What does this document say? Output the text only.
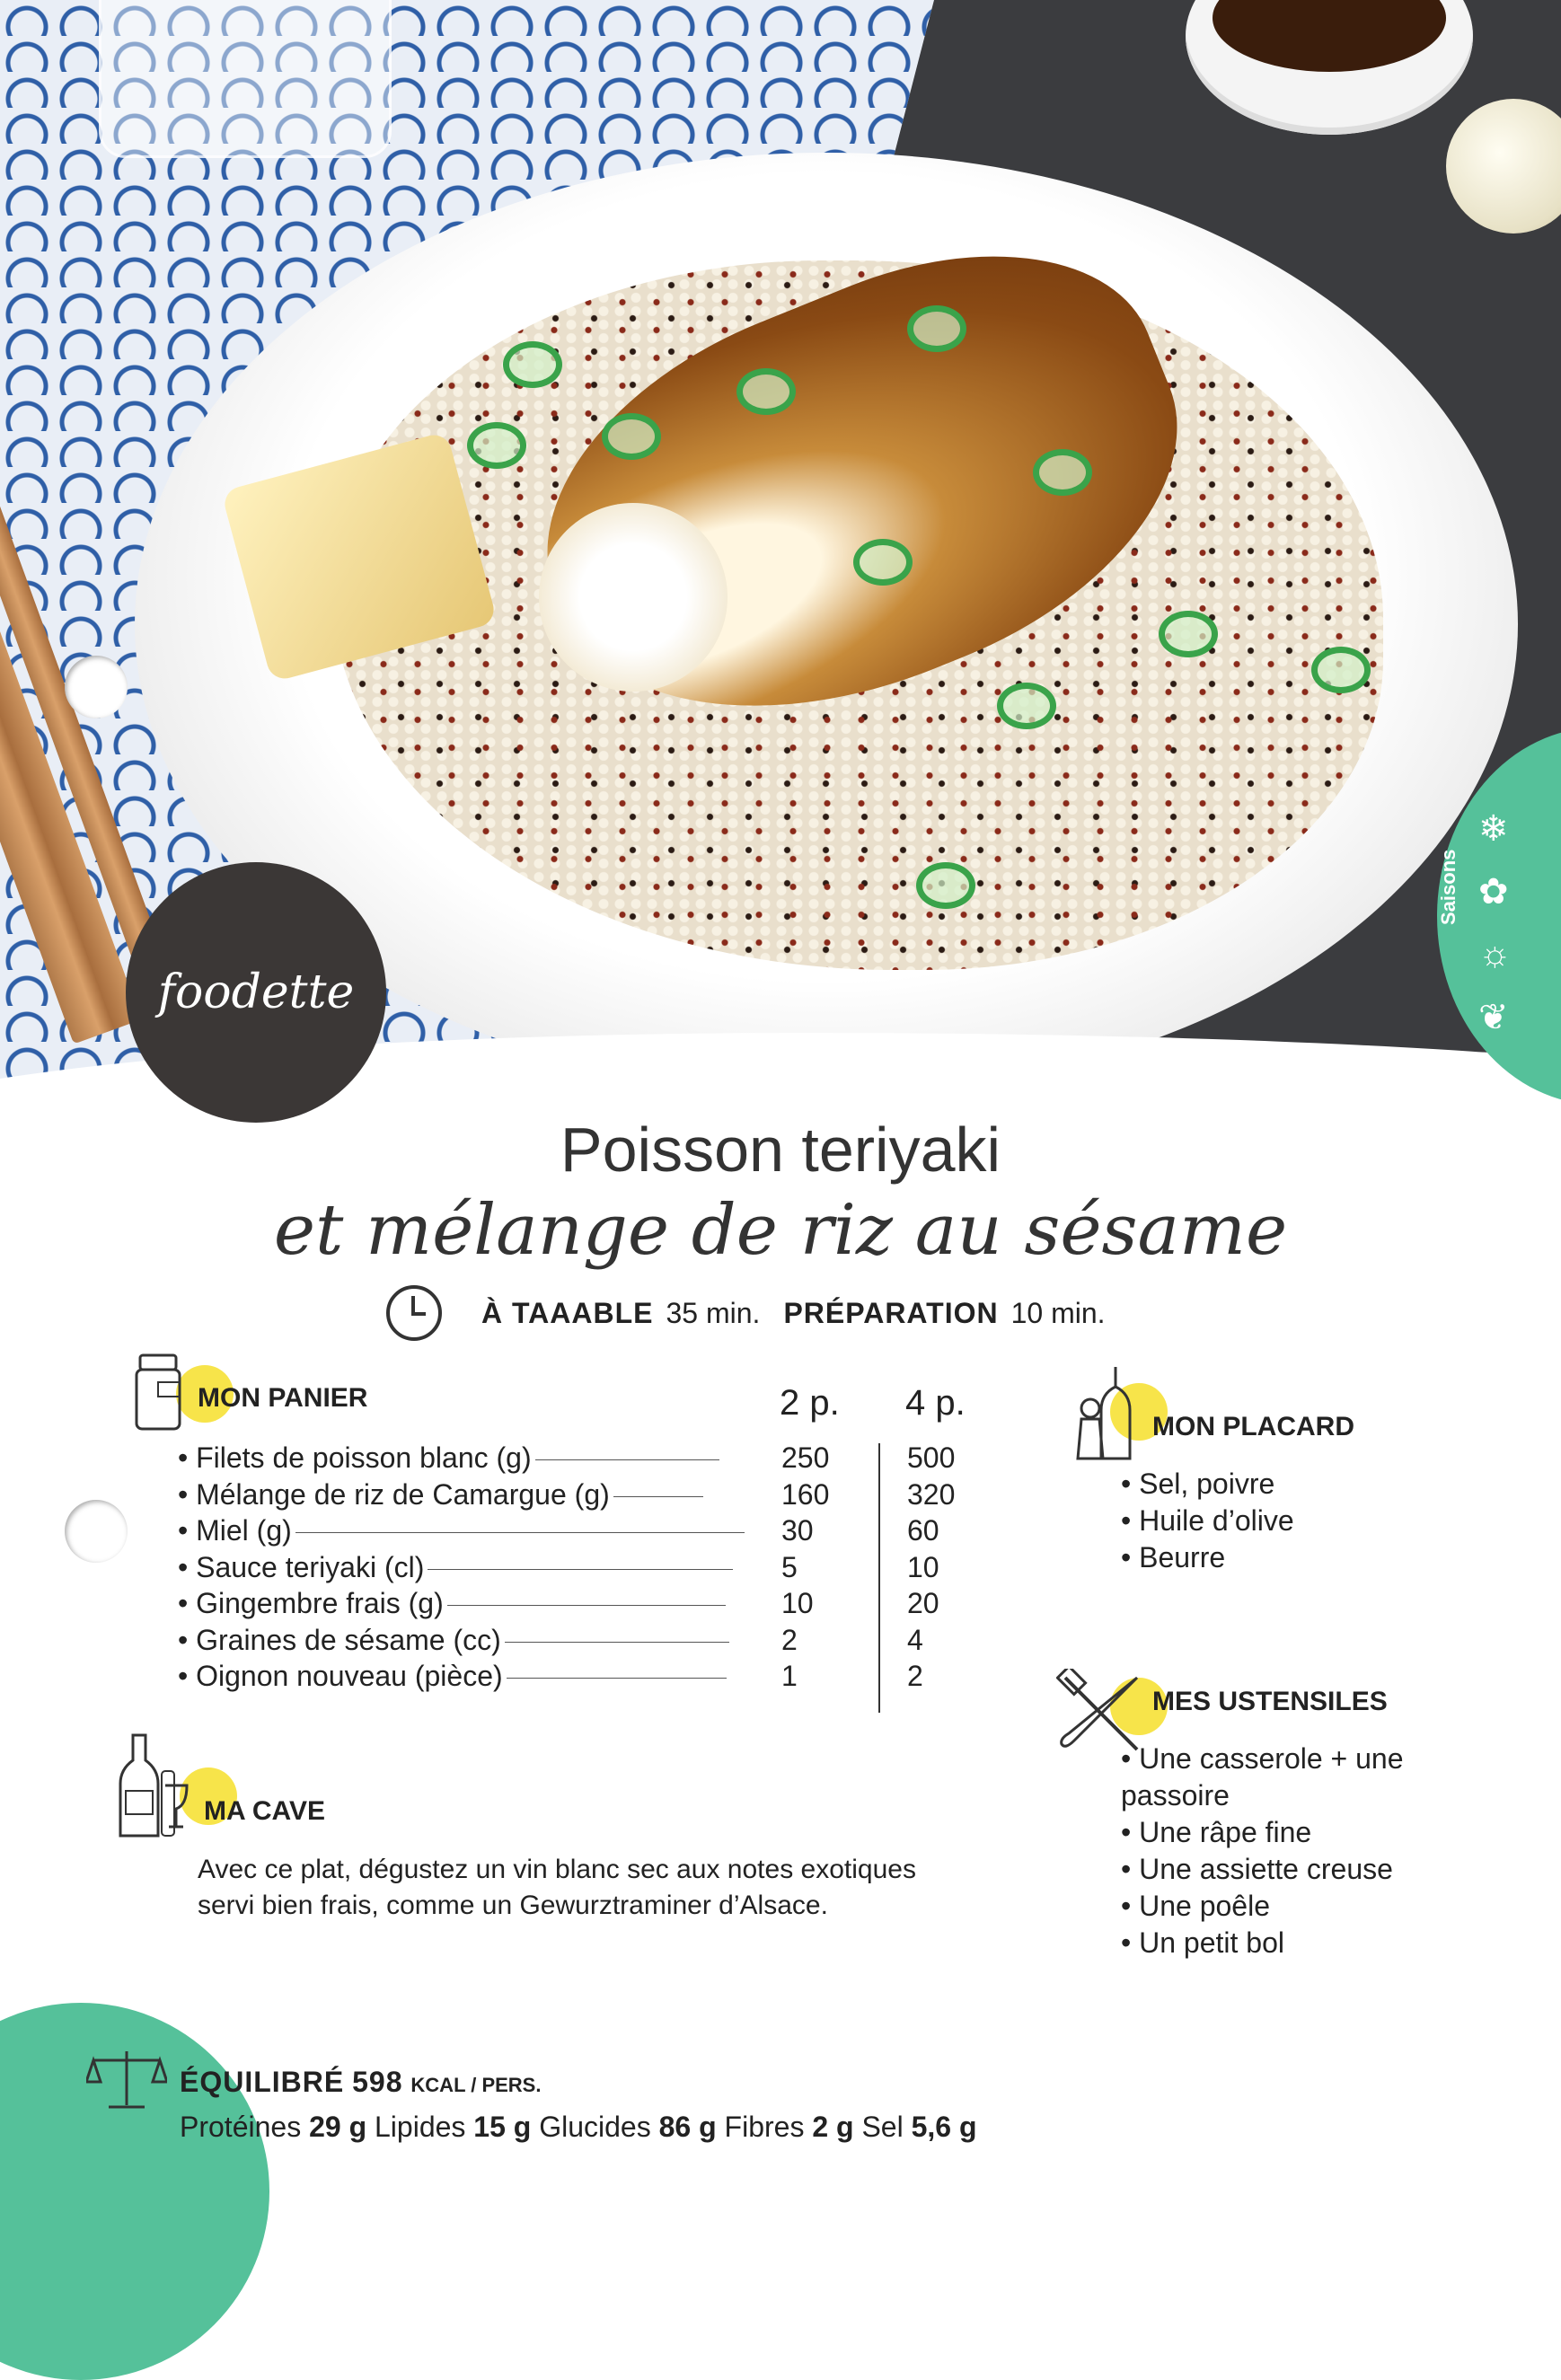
foodette
Saisons
❄
✿
☼
❦
Poisson teriyaki
et mélange de riz au sésame
À TAAABLE 35 min. PRÉPARATION 10 min.
MON PANIER	2 p. 4 p.
• Filets de poisson blanc (g)	250	500
• Mélange de riz de Camargue (g)	160	320
• Miel (g)	30	60
• Sauce teriyaki (cl)	5	10
• Gingembre frais (g)	10	20
• Graines de sésame (cc)	2	4
• Oignon nouveau (pièce)	1	2
MA CAVE
Avec ce plat, dégustez un vin blanc sec aux notes exotiques servi bien frais, comme un Gewurztraminer d’Alsace.
MON PLACARD
• Sel, poivre
• Huile d’olive
• Beurre
MES USTENSILES
• Une casserole + une passoire
• Une râpe fine
• Une assiette creuse
• Une poêle
• Un petit bol
ÉQUILIBRÉ 598 KCAL / PERS.
Protéines 29 g Lipides 15 g Glucides 86 g Fibres 2 g Sel 5,6 g
